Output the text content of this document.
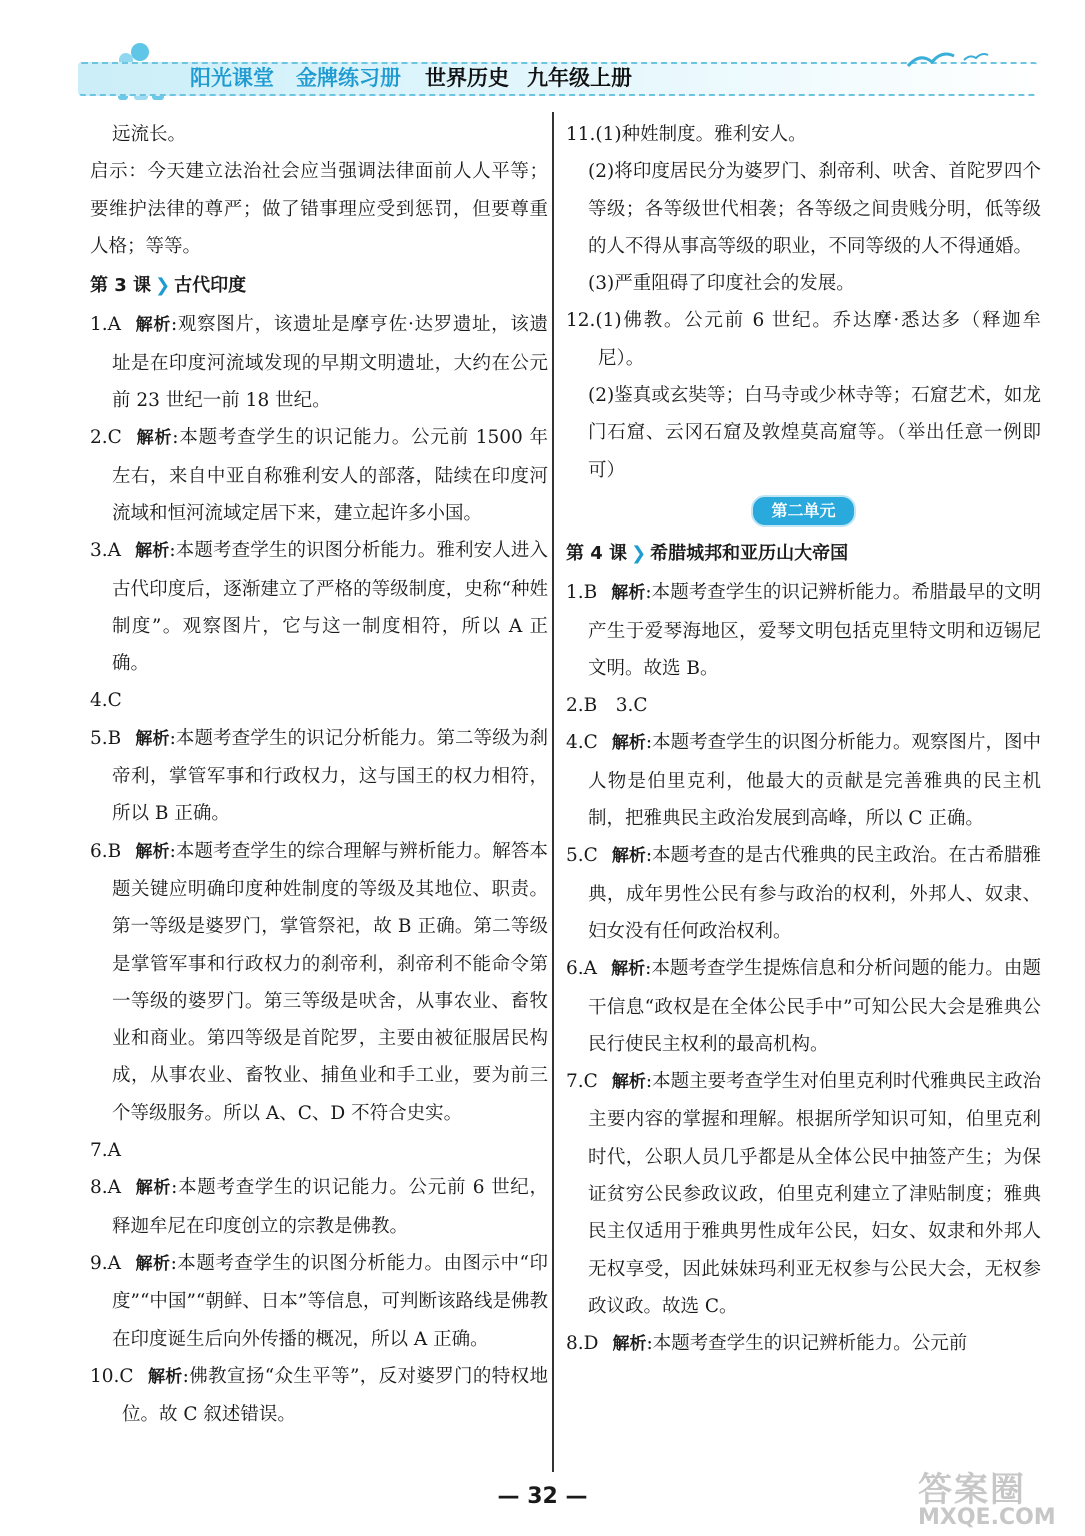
阳光课堂 金牌练习册 世界历史 九年级上册

远流长。

启示：今天建立法治社会应当强调法律面前人人平等；要维护法律的尊严；做了错事理应受到惩罚，但要尊重人格；等等。

第 3 课 ❯ 古代印度

1.A 解析:观察图片，该遗址是摩亨佐·达罗遗址，该遗址是在印度河流域发现的早期文明遗址，大约在公元前 23 世纪一前 18 世纪。

2.C 解析:本题考查学生的识记能力。公元前 1500 年左右，来自中亚自称雅利安人的部落，陆续在印度河流域和恒河流域定居下来，建立起许多小国。

3.A 解析:本题考查学生的识图分析能力。雅利安人进入古代印度后，逐渐建立了严格的等级制度，史称“种姓制度”。观察图片，它与这一制度相符，所以 A 正确。

4.C

5.B 解析:本题考查学生的识记分析能力。第二等级为刹帝利，掌管军事和行政权力，这与国王的权力相符，所以 B 正确。

6.B 解析:本题考查学生的综合理解与辨析能力。解答本题关键应明确印度种姓制度的等级及其地位、职责。第一等级是婆罗门，掌管祭祀，故 B 正确。第二等级是掌管军事和行政权力的刹帝利，刹帝利不能命令第一等级的婆罗门。第三等级是吠舍，从事农业、畜牧业和商业。第四等级是首陀罗，主要由被征服居民构成，从事农业、畜牧业、捕鱼业和手工业，要为前三个等级服务。所以 A、C、D 不符合史实。

7.A

8.A 解析:本题考查学生的识记能力。公元前 6 世纪，释迦牟尼在印度创立的宗教是佛教。

9.A 解析:本题考查学生的识图分析能力。由图示中“印度”“中国”“朝鲜、日本”等信息，可判断该路线是佛教在印度诞生后向外传播的概况，所以 A 正确。

10.C 解析:佛教宣扬“众生平等”，反对婆罗门的特权地位。故 C 叙述错误。

11.(1)种姓制度。雅利安人。

(2)将印度居民分为婆罗门、刹帝利、吠舍、首陀罗四个等级；各等级世代相袭；各等级之间贵贱分明，低等级的人不得从事高等级的职业，不同等级的人不得通婚。

(3)严重阻碍了印度社会的发展。

12.(1)佛教。公元前 6 世纪。乔达摩·悉达多（释迦牟尼）。

(2)鉴真或玄奘等；白马寺或少林寺等；石窟艺术，如龙门石窟、云冈石窟及敦煌莫高窟等。（举出任意一例即可）

第二单元
第 4 课 ❯ 希腊城邦和亚历山大帝国

1.B 解析:本题考查学生的识记辨析能力。希腊最早的文明产生于爱琴海地区，爱琴文明包括克里特文明和迈锡尼文明。故选 B。

2.B　3.C

4.C 解析:本题考查学生的识图分析能力。观察图片，图中人物是伯里克利，他最大的贡献是完善雅典的民主机制，把雅典民主政治发展到高峰，所以 C 正确。

5.C 解析:本题考查的是古代雅典的民主政治。在古希腊雅典，成年男性公民有参与政治的权利，外邦人、奴隶、妇女没有任何政治权利。

6.A 解析:本题考查学生提炼信息和分析问题的能力。由题干信息“政权是在全体公民手中”可知公民大会是雅典公民行使民主权利的最高机构。

7.C 解析:本题主要考查学生对伯里克利时代雅典民主政治主要内容的掌握和理解。根据所学知识可知，伯里克利时代，公职人员几乎都是从全体公民中抽签产生；为保证贫穷公民参政议政，伯里克利建立了津贴制度；雅典民主仅适用于雅典男性成年公民，妇女、奴隶和外邦人无权享受，因此妹妹玛利亚无权参与公民大会，无权参政议政。故选 C。

8.D 解析:本题考查学生的识记辨析能力。公元前

— 32 —	答案圈
MXQE.COM
